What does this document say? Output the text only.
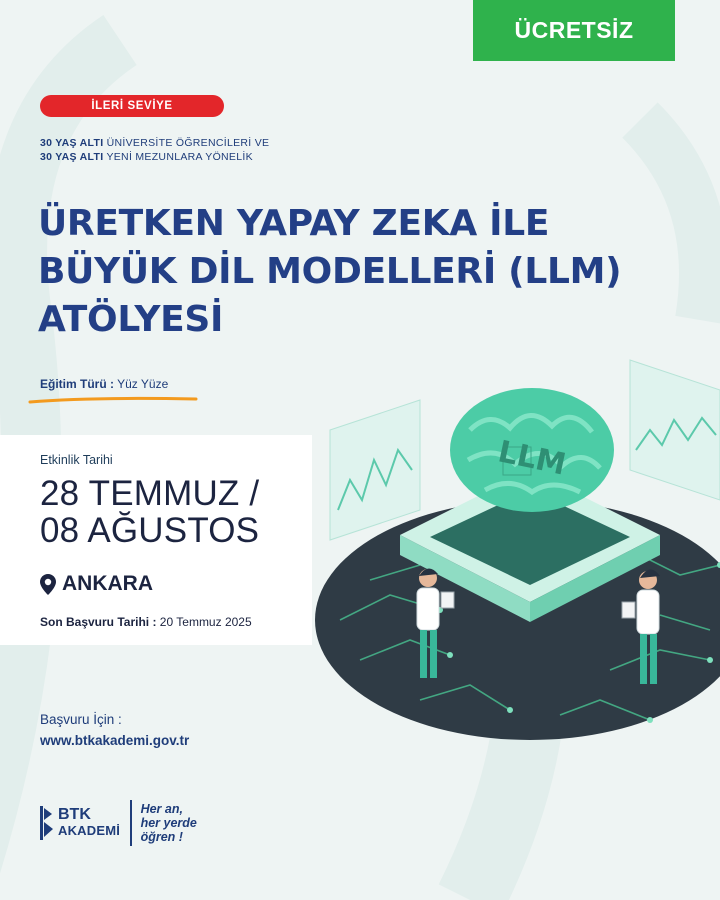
ÜCRETSİZ
İLERİ SEVİYE
30 YAŞ ALTI ÜNİVERSİTE ÖĞRENCİLERİ VE
30 YAŞ ALTI YENİ MEZUNLARA YÖNELİK
ÜRETKEN YAPAY ZEKA İLE
BÜYÜK DİL MODELLERİ (LLM)
ATÖLYESİ
Eğitim Türü : Yüz Yüze
Etkinlik Tarihi
28 TEMMUZ /
08 AĞUSTOS
ANKARA
Son Başvuru Tarihi : 20 Temmuz 2025
Başvuru İçin :
www.btkakademi.gov.tr
BTK
AKADEMİ
Her an,
her yerde
öğren !
LLM
